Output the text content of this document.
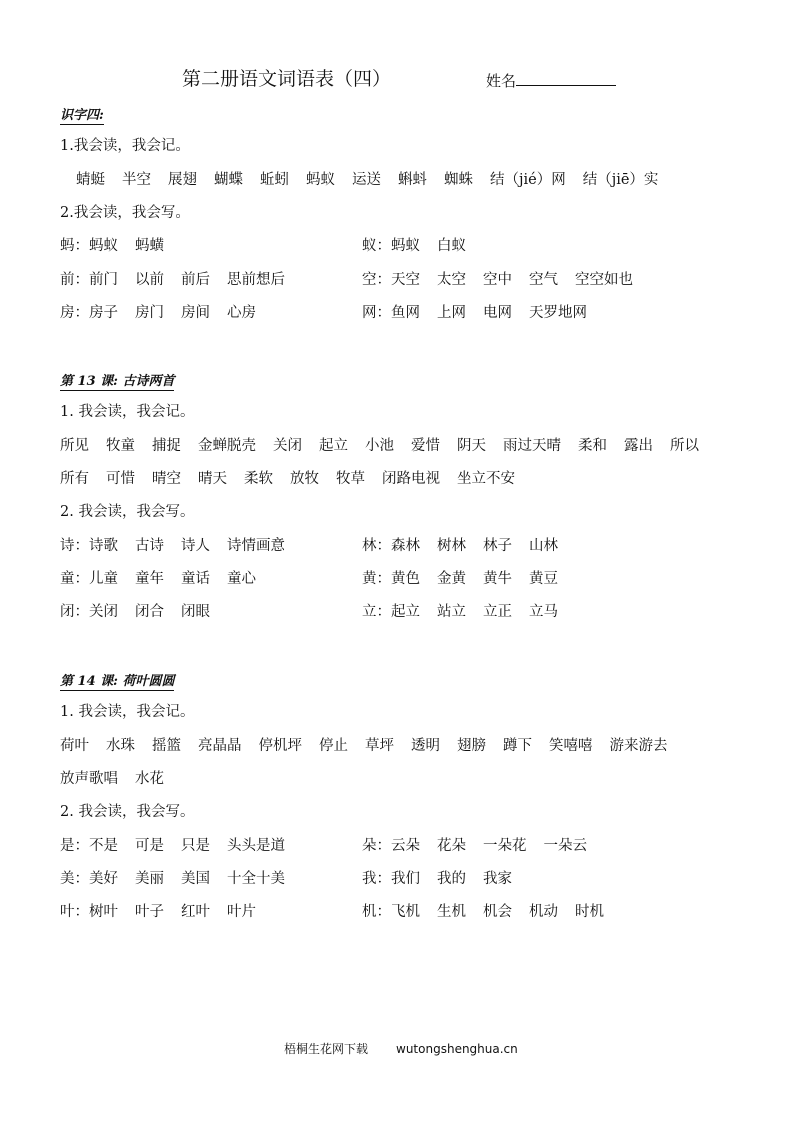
第二册语文词语表（四）	姓名
识字四:
1.我会读，我会记。
蜻蜓 半空 展翅 蝴蝶 蚯蚓 蚂蚁 运送 蝌蚪 蜘蛛 结（jié）网 结（jiē）实
2.我会读，我会写。
蚂：蚂蚁 蚂蟥	蚁：蚂蚁 白蚁
前：前门 以前 前后 思前想后	空：天空 太空 空中 空气 空空如也
房：房子 房门 房间 心房	网：鱼网 上网 电网 天罗地网
第 13 课: 古诗两首
1. 我会读，我会记。
所见 牧童 捕捉 金蝉脱壳 关闭 起立 小池 爱惜 阴天 雨过天晴 柔和 露出 所以
所有 可惜 晴空 晴天 柔软 放牧 牧草 闭路电视 坐立不安
2. 我会读，我会写。
诗：诗歌 古诗 诗人 诗情画意	林：森林 树林 林子 山林
童：儿童 童年 童话 童心	黄：黄色 金黄 黄牛 黄豆
闭：关闭 闭合 闭眼	立：起立 站立 立正 立马
第 14 课: 荷叶圆圆
1. 我会读，我会记。
荷叶 水珠 摇篮 亮晶晶 停机坪 停止 草坪 透明 翅膀 蹲下 笑嘻嘻 游来游去
放声歌唱 水花
2. 我会读，我会写。
是：不是 可是 只是 头头是道	朵：云朵 花朵 一朵花 一朵云
美：美好 美丽 美国 十全十美	我：我们 我的 我家
叶：树叶 叶子 红叶 叶片	机：飞机 生机 机会 机动 时机
梧桐生花网下载 wutongshenghua.cn
